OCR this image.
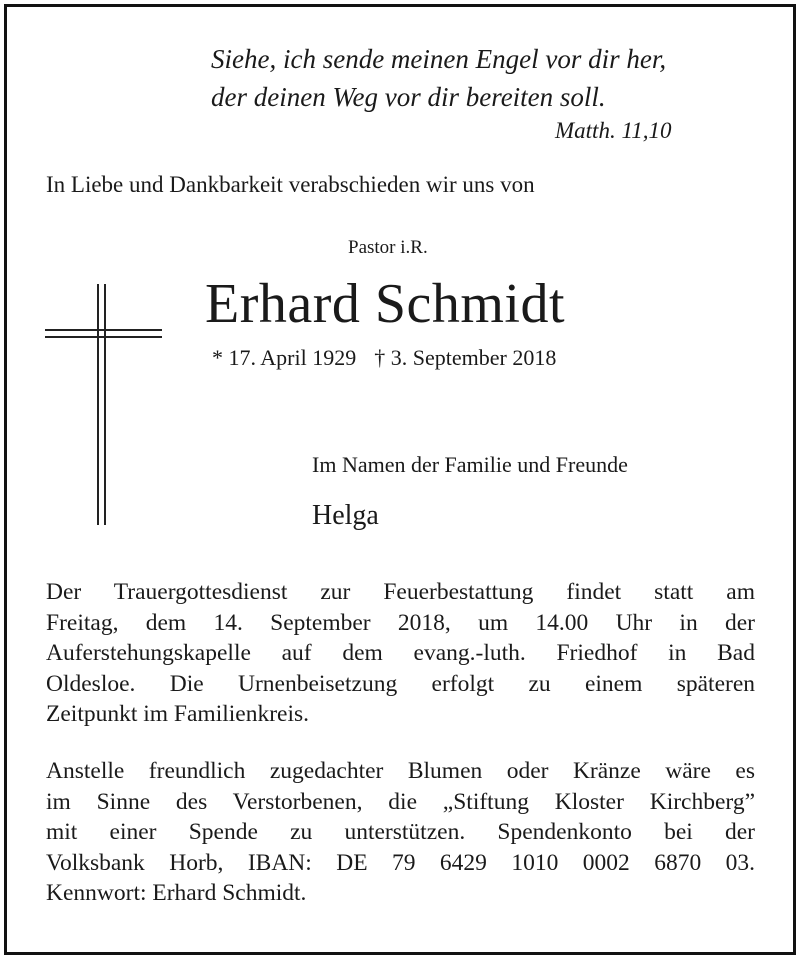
Siehe, ich sende meinen Engel vor dir her,
der deinen Weg vor dir bereiten soll.
Matth. 11,10
In Liebe und Dankbarkeit verabschieden wir uns von
Pastor i.R.
Erhard Schmidt
* 17. April 1929 † 3. September 2018
Im Namen der Familie und Freunde
Helga
Der Trauergottesdienst zur Feuerbestattung findet statt am
Freitag, dem 14. September 2018, um 14.00 Uhr in der
Auferstehungskapelle auf dem evang.-luth. Friedhof in Bad
Oldesloe. Die Urnenbeisetzung erfolgt zu einem späteren
Zeitpunkt im Familienkreis.
Anstelle freundlich zugedachter Blumen oder Kränze wäre es
im Sinne des Verstorbenen, die „Stiftung Kloster Kirchberg”
mit einer Spende zu unterstützen. Spendenkonto bei der
Volksbank Horb, IBAN: DE 79 6429 1010 0002 6870 03.
Kennwort: Erhard Schmidt.
